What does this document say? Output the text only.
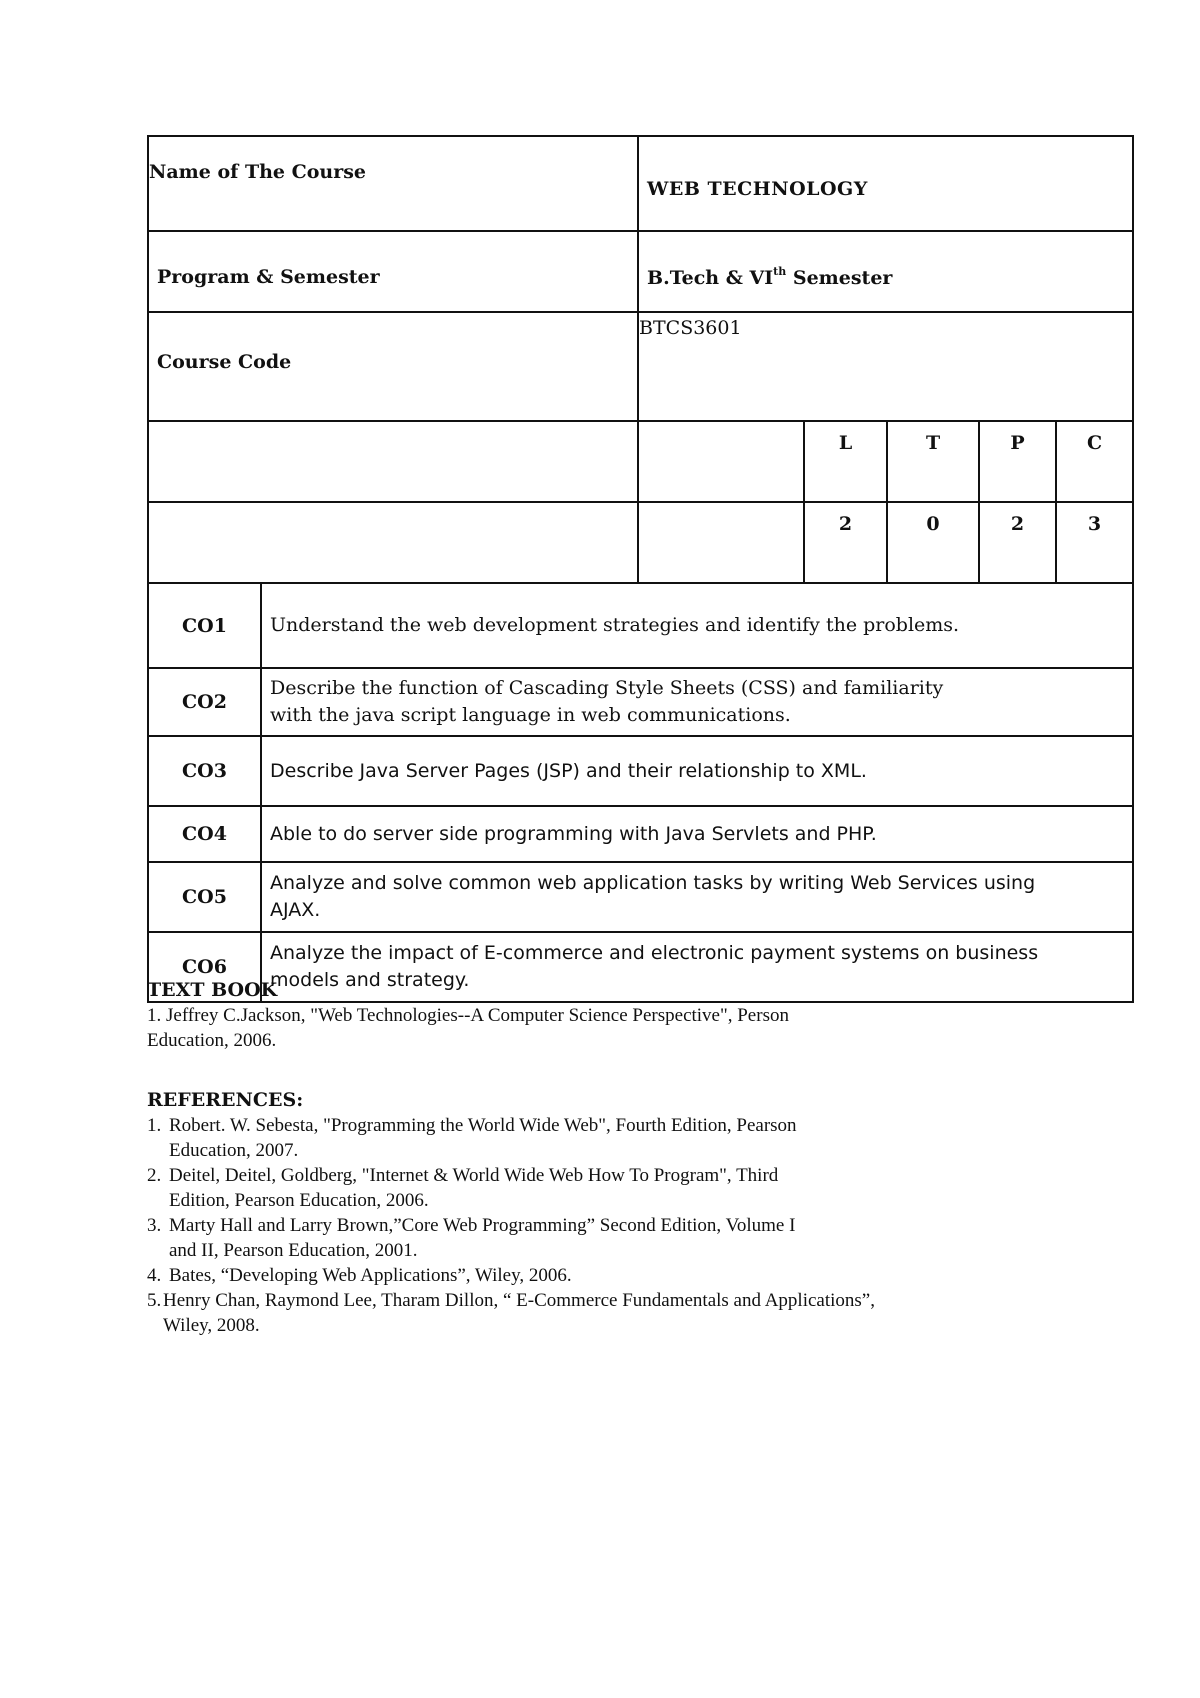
Name of The Course		WEB TECHNOLOGY				
Program & Semester		B.Tech & VIth Semester				
Course Code		BTCS3601				
			L	T	P	C
			2	0	2	3
CO1	Understand the web development strategies and identify the problems.					
CO2	Describe the function of Cascading Style Sheets (CSS) and familiarity
with the java script language in web communications.					

CO3	Describe Java Server Pages (JSP) and their relationship to XML.					
CO4	Able to do server side programming with Java Servlets and PHP.					
CO5	Analyze and solve common web application tasks by writing Web Services using
AJAX.					

CO6	Analyze the impact of E-commerce and electronic payment systems on business
models and strategy.					
TEXT BOOK
1. Jeffrey C.Jackson, "Web Technologies--A Computer Science Perspective", Person
Education, 2006.
REFERENCES:
1. Robert. W. Sebesta, "Programming the World Wide Web", Fourth Edition, Pearson
Education, 2007.
2. Deitel, Deitel, Goldberg, "Internet & World Wide Web How To Program", Third
Edition, Pearson Education, 2006.
3. Marty Hall and Larry Brown,”Core Web Programming” Second Edition, Volume I
and II, Pearson Education, 2001.
4. Bates, “Developing Web Applications”, Wiley, 2006.
5. Henry Chan, Raymond Lee, Tharam Dillon, “ E-Commerce Fundamentals and Applications”,
Wiley, 2008.
